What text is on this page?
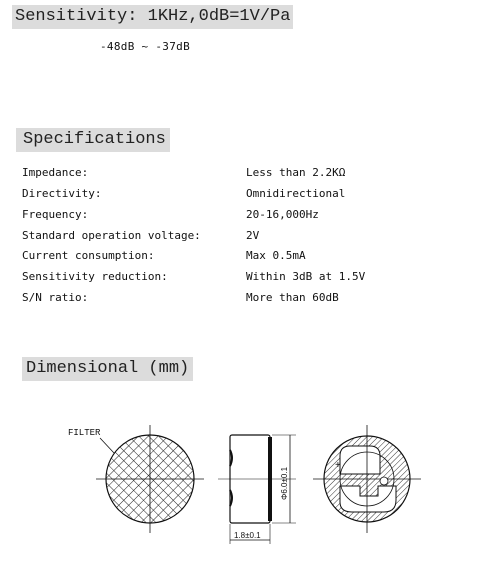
Sensitivity: 1KHz,0dB=1V/Pa
-48dB ~ -37dB
Specifications
Impedance:	Less than 2.2KΩ
Directivity:	Omnidirectional
Frequency:	20-16,000Hz
Standard operation voltage:	2V
Current consumption:	Max 0.5mA
Sensitivity reduction:	Within 3dB at 1.5V
S/N ratio:	More than 60dB
Dimensional (mm)
FILTER
Φ6.0±0.1
1.8±0.1
+
